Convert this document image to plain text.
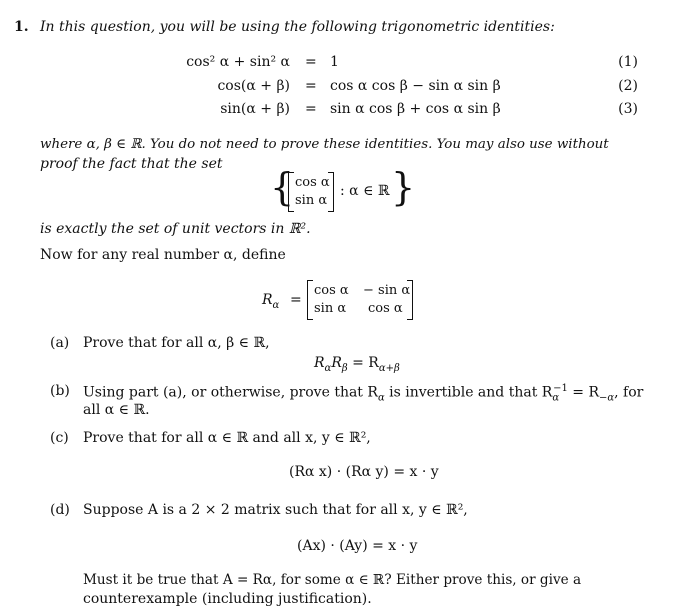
1. In this question, you will be using the following trigonometric identities:
cos² α + sin² α = 1	(1)
cos(α + β) = cos α cos β − sin α sin β	(2)
sin(α + β) = sin α cos β + cos α sin β	(3)
where α, β ∈ ℝ. You do not need to prove these identities. You may also use without
proof the fact that the set
{ cos α
sin α
: α ∈ ℝ }
is exactly the set of unit vectors in ℝ².
Now for any real number α, define
$R_\alpha$ =
cos α − sin α
sin α cos α
(a) Prove that for all α, β ∈ ℝ,
$R_\alpha R_\beta = R_{\alpha+\beta}$
(b) Using part (a), or otherwise, prove that $R_\alpha$ is invertible and that $R_\alpha^{-1} = R_{-\alpha}$, for
all α ∈ ℝ.
(c) Prove that for all α ∈ ℝ and all x, y ∈ ℝ²,
(Rα x) · (Rα y) = x · y
(d) Suppose A is a 2 × 2 matrix such that for all x, y ∈ ℝ²,
(Ax) · (Ay) = x · y
Must it be true that A = Rα, for some α ∈ ℝ? Either prove this, or give a
counterexample (including justification).
